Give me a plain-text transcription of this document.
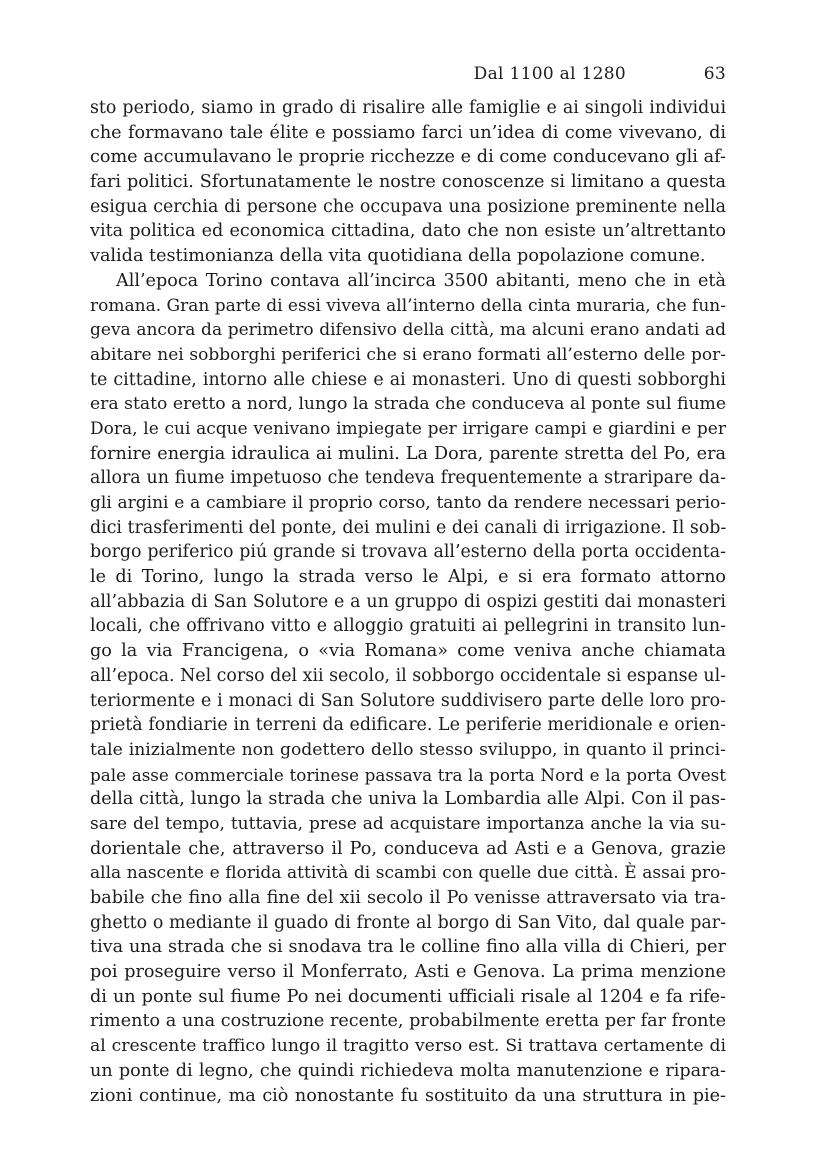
Dal 1100 al 1280	63
sto periodo, siamo in grado di risalire alle famiglie e ai singoli individui
che formavano tale élite e possiamo farci un’idea di come vivevano, di
come accumulavano le proprie ricchezze e di come conducevano gli af-
fari politici. Sfortunatamente le nostre conoscenze si limitano a questa
esigua cerchia di persone che occupava una posizione preminente nella
vita politica ed economica cittadina, dato che non esiste un’altrettanto
valida testimonianza della vita quotidiana della popolazione comune.
All’epoca Torino contava all’incirca 3500 abitanti, meno che in età
romana. Gran parte di essi viveva all’interno della cinta muraria, che fun-
geva ancora da perimetro difensivo della città, ma alcuni erano andati ad
abitare nei sobborghi periferici che si erano formati all’esterno delle por-
te cittadine, intorno alle chiese e ai monasteri. Uno di questi sobborghi
era stato eretto a nord, lungo la strada che conduceva al ponte sul fiume
Dora, le cui acque venivano impiegate per irrigare campi e giardini e per
fornire energia idraulica ai mulini. La Dora, parente stretta del Po, era
allora un fiume impetuoso che tendeva frequentemente a straripare da-
gli argini e a cambiare il proprio corso, tanto da rendere necessari perio-
dici trasferimenti del ponte, dei mulini e dei canali di irrigazione. Il sob-
borgo periferico piú grande si trovava all’esterno della porta occidenta-
le di Torino, lungo la strada verso le Alpi, e si era formato attorno
all’abbazia di San Solutore e a un gruppo di ospizi gestiti dai monasteri
locali, che offrivano vitto e alloggio gratuiti ai pellegrini in transito lun-
go la via Francigena, o «via Romana» come veniva anche chiamata
all’epoca. Nel corso del xii secolo, il sobborgo occidentale si espanse ul-
teriormente e i monaci di San Solutore suddivisero parte delle loro pro-
prietà fondiarie in terreni da edificare. Le periferie meridionale e orien-
tale inizialmente non godettero dello stesso sviluppo, in quanto il princi-
pale asse commerciale torinese passava tra la porta Nord e la porta Ovest
della città, lungo la strada che univa la Lombardia alle Alpi. Con il pas-
sare del tempo, tuttavia, prese ad acquistare importanza anche la via su-
dorientale che, attraverso il Po, conduceva ad Asti e a Genova, grazie
alla nascente e florida attività di scambi con quelle due città. È assai pro-
babile che fino alla fine del xii secolo il Po venisse attraversato via tra-
ghetto o mediante il guado di fronte al borgo di San Vito, dal quale par-
tiva una strada che si snodava tra le colline fino alla villa di Chieri, per
poi proseguire verso il Monferrato, Asti e Genova. La prima menzione
di un ponte sul fiume Po nei documenti ufficiali risale al 1204 e fa rife-
rimento a una costruzione recente, probabilmente eretta per far fronte
al crescente traffico lungo il tragitto verso est. Si trattava certamente di
un ponte di legno, che quindi richiedeva molta manutenzione e ripara-
zioni continue, ma ciò nonostante fu sostituito da una struttura in pie-
